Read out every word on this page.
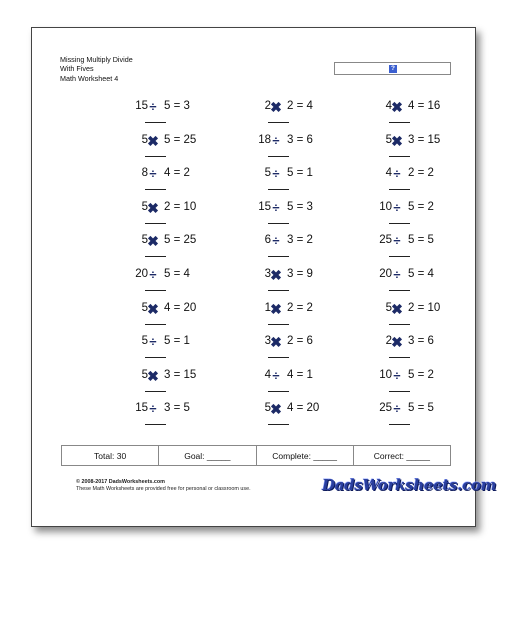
Missing Multiply Divide
With Fives
Math Worksheet 4
?
15 ÷ 5 = 3
5 ✖ 5 = 25
8 ÷ 4 = 2
5 ✖ 2 = 10
5 ✖ 5 = 25
20 ÷ 5 = 4
5 ✖ 4 = 20
5 ÷ 5 = 1
5 ✖ 3 = 15
15 ÷ 3 = 5
2 ✖ 2 = 4
18 ÷ 3 = 6
5 ÷ 5 = 1
15 ÷ 5 = 3
6 ÷ 3 = 2
3 ✖ 3 = 9
1 ✖ 2 = 2
3 ✖ 2 = 6
4 ÷ 4 = 1
5 ✖ 4 = 20
4 ✖ 4 = 16
5 ✖ 3 = 15
4 ÷ 2 = 2
10 ÷ 5 = 2
25 ÷ 5 = 5
20 ÷ 5 = 4
5 ✖ 2 = 10
2 ✖ 3 = 6
10 ÷ 5 = 2
25 ÷ 5 = 5
Total: 30	Goal: _____	Complete: _____	Correct: _____
© 2008-2017 DadsWorksheets.com
These Math Worksheets are provided free for personal or classroom use.	DadsWorksheets.com
